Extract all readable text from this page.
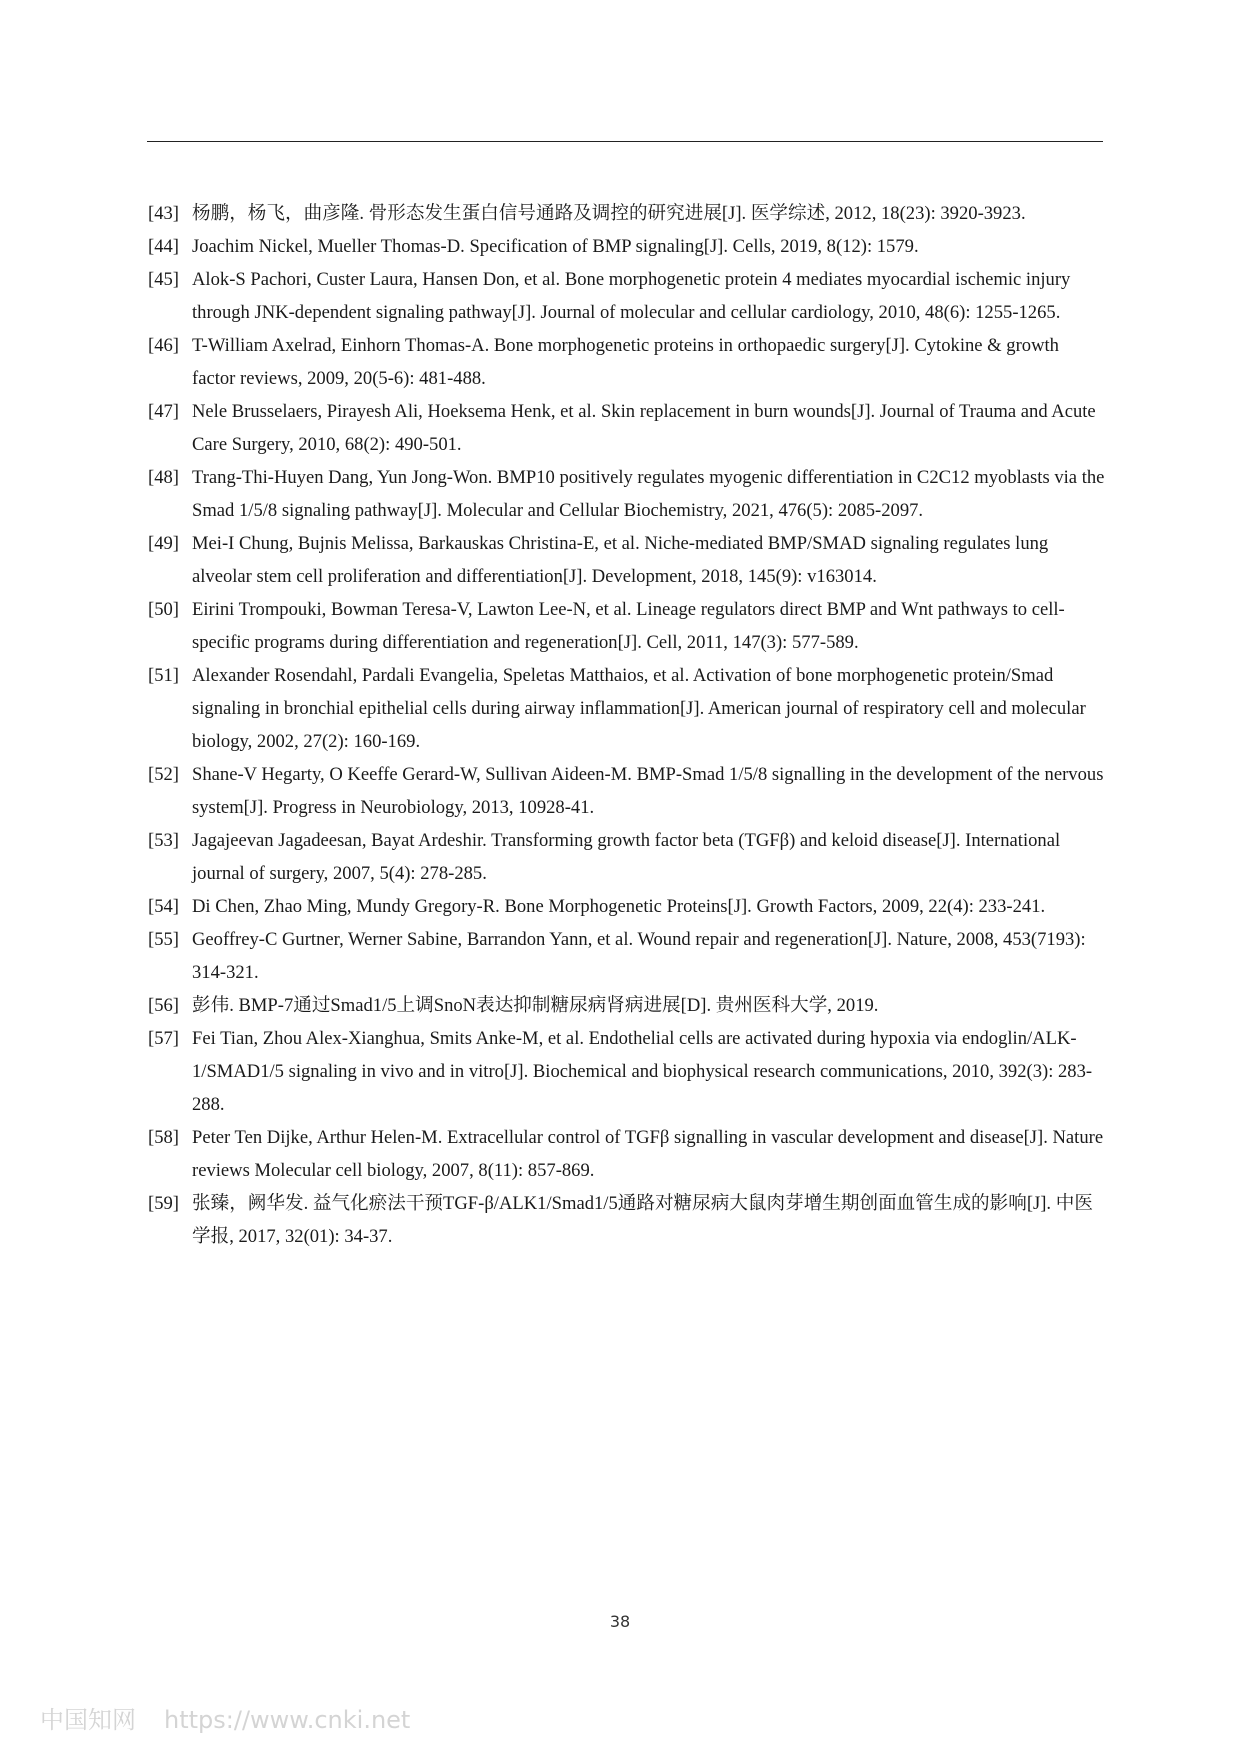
[43] 杨鹏，杨飞，曲彦隆. 骨形态发生蛋白信号通路及调控的研究进展[J]. 医学综述, 2012, 18(23): 3920-3923.
[44] Joachim Nickel, Mueller Thomas-D. Specification of BMP signaling[J]. Cells, 2019, 8(12): 1579.
[45] Alok-S Pachori, Custer Laura, Hansen Don, et al. Bone morphogenetic protein 4 mediates myocardial ischemic injury through JNK-dependent signaling pathway[J]. Journal of molecular and cellular cardiology, 2010, 48(6): 1255-1265.
[46] T-William Axelrad, Einhorn Thomas-A. Bone morphogenetic proteins in orthopaedic surgery[J]. Cytokine & growth factor reviews, 2009, 20(5-6): 481-488.
[47] Nele Brusselaers, Pirayesh Ali, Hoeksema Henk, et al. Skin replacement in burn wounds[J]. Journal of Trauma and Acute Care Surgery, 2010, 68(2): 490-501.
[48] Trang-Thi-Huyen Dang, Yun Jong-Won. BMP10 positively regulates myogenic differentiation in C2C12 myoblasts via the Smad 1/5/8 signaling pathway[J]. Molecular and Cellular Biochemistry, 2021, 476(5): 2085-2097.
[49] Mei-I Chung, Bujnis Melissa, Barkauskas Christina-E, et al. Niche-mediated BMP/SMAD signaling regulates lung alveolar stem cell proliferation and differentiation[J]. Development, 2018, 145(9): v163014.
[50] Eirini Trompouki, Bowman Teresa-V, Lawton Lee-N, et al. Lineage regulators direct BMP and Wnt pathways to cell-specific programs during differentiation and regeneration[J]. Cell, 2011, 147(3): 577-589.
[51] Alexander Rosendahl, Pardali Evangelia, Speletas Matthaios, et al. Activation of bone morphogenetic protein/Smad signaling in bronchial epithelial cells during airway inflammation[J]. American journal of respiratory cell and molecular biology, 2002, 27(2): 160-169.
[52] Shane-V Hegarty, O Keeffe Gerard-W, Sullivan Aideen-M. BMP-Smad 1/5/8 signalling in the development of the nervous system[J]. Progress in Neurobiology, 2013, 10928-41.
[53] Jagajeevan Jagadeesan, Bayat Ardeshir. Transforming growth factor beta (TGFβ) and keloid disease[J]. International journal of surgery, 2007, 5(4): 278-285.
[54] Di Chen, Zhao Ming, Mundy Gregory-R. Bone Morphogenetic Proteins[J]. Growth Factors, 2009, 22(4): 233-241.
[55] Geoffrey-C Gurtner, Werner Sabine, Barrandon Yann, et al. Wound repair and regeneration[J]. Nature, 2008, 453(7193): 314-321.
[56] 彭伟. BMP-7通过Smad1/5上调SnoN表达抑制糖尿病肾病进展[D]. 贵州医科大学, 2019.
[57] Fei Tian, Zhou Alex-Xianghua, Smits Anke-M, et al. Endothelial cells are activated during hypoxia via endoglin/ALK-1/SMAD1/5 signaling in vivo and in vitro[J]. Biochemical and biophysical research communications, 2010, 392(3): 283-288.
[58] Peter Ten Dijke, Arthur Helen-M. Extracellular control of TGFβ signalling in vascular development and disease[J]. Nature reviews Molecular cell biology, 2007, 8(11): 857-869.
[59] 张臻，阙华发. 益气化瘀法干预TGF-β/ALK1/Smad1/5通路对糖尿病大鼠肉芽增生期创面血管生成的影响[J]. 中医学报, 2017, 32(01): 34-37.
38
中国知网 https://www.cnki.net
